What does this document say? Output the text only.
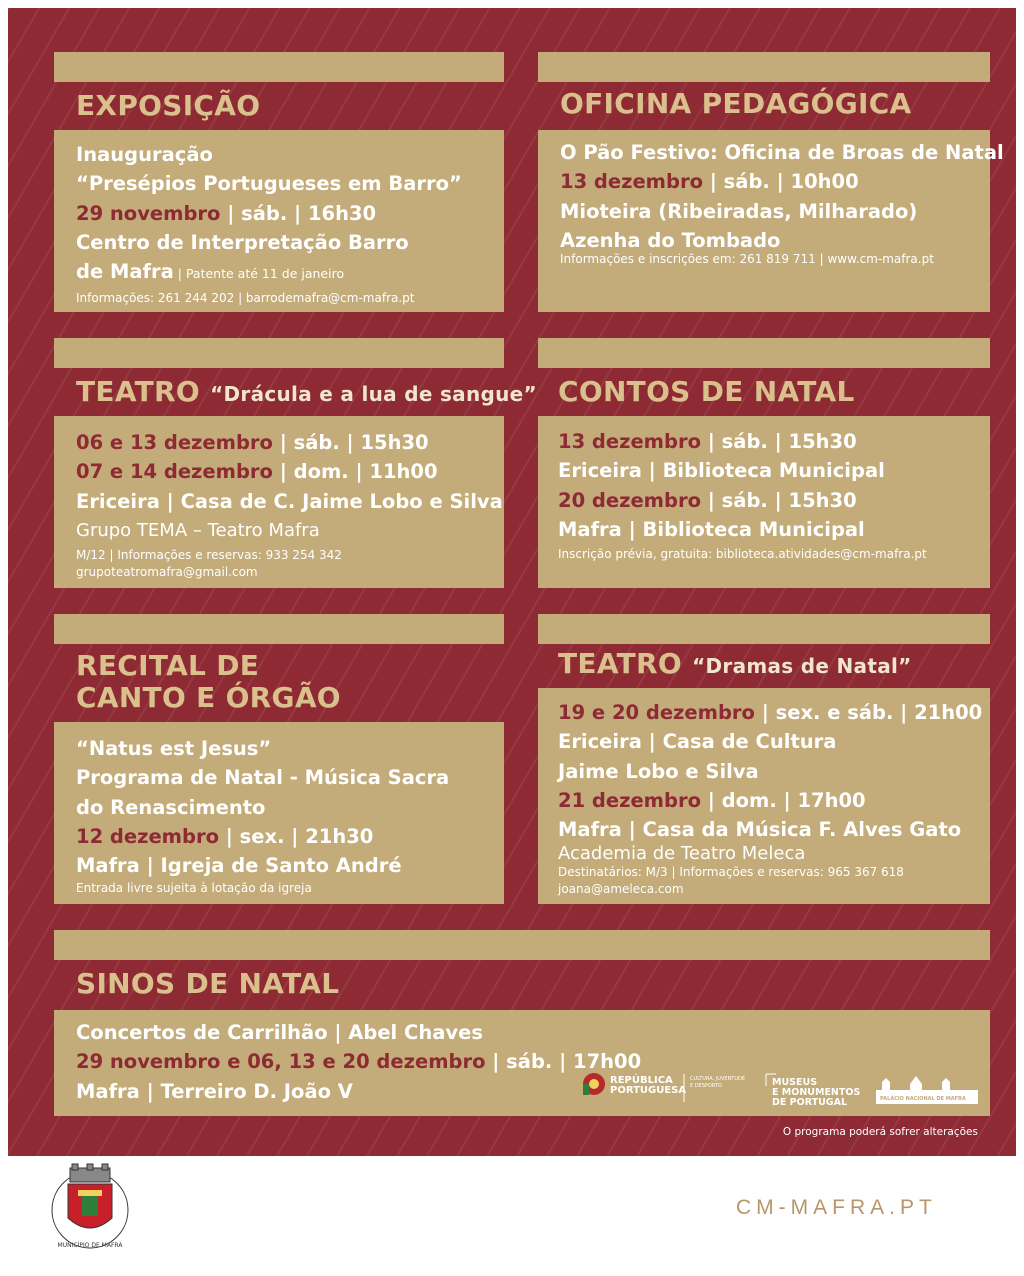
EXPOSIÇÃO
Inauguração
“Presépios Portugueses em Barro”
29 novembro | sáb. | 16h30
Centro de Interpretação Barro
de Mafra | Patente até 11 de janeiro
Informações: 261 244 202 | barrodemafra@cm-mafra.pt
OFICINA PEDAGÓGICA
O Pão Festivo: Oficina de Broas de Natal
13 dezembro | sáb. | 10h00
Mioteira (Ribeiradas, Milharado)
Azenha do Tombado
Informações e inscrições em: 261 819 711 | www.cm-mafra.pt
TEATRO “Drácula e a lua de sangue”
06 e 13 dezembro | sáb. | 15h30
07 e 14 dezembro | dom. | 11h00
Ericeira | Casa de C. Jaime Lobo e Silva
Grupo TEMA – Teatro Mafra
M/12 | Informações e reservas: 933 254 342
grupoteatromafra@gmail.com
CONTOS DE NATAL
13 dezembro | sáb. | 15h30
Ericeira | Biblioteca Municipal
20 dezembro | sáb. | 15h30
Mafra | Biblioteca Municipal
Inscrição prévia, gratuita: biblioteca.atividades@cm-mafra.pt
RECITAL DE
CANTO E ÓRGÃO
“Natus est Jesus”
Programa de Natal - Música Sacra
do Renascimento
12 dezembro | sex. | 21h30
Mafra | Igreja de Santo André
Entrada livre sujeita à lotação da igreja
TEATRO “Dramas de Natal”
19 e 20 dezembro | sex. e sáb. | 21h00
Ericeira | Casa de Cultura
Jaime Lobo e Silva
21 dezembro | dom. | 17h00
Mafra | Casa da Música F. Alves Gato
Academia de Teatro Meleca
Destinatários: M/3 | Informações e reservas: 965 367 618
joana@ameleca.com
SINOS DE NATAL
Concertos de Carrilhão | Abel Chaves
29 novembro e 06, 13 e 20 dezembro | sáb. | 17h00
Mafra | Terreiro D. João V	REPÚBLICA
PORTUGUESA
CULTURA, JUVENTUDE E DESPORTO	MUSEUS
E MONUMENTOS
DE PORTUGAL	PALÁCIO NACIONAL DE MAFRA
O programa poderá sofrer alterações
MUNICÍPIO DE MAFRA
CM-MAFRA.PT
